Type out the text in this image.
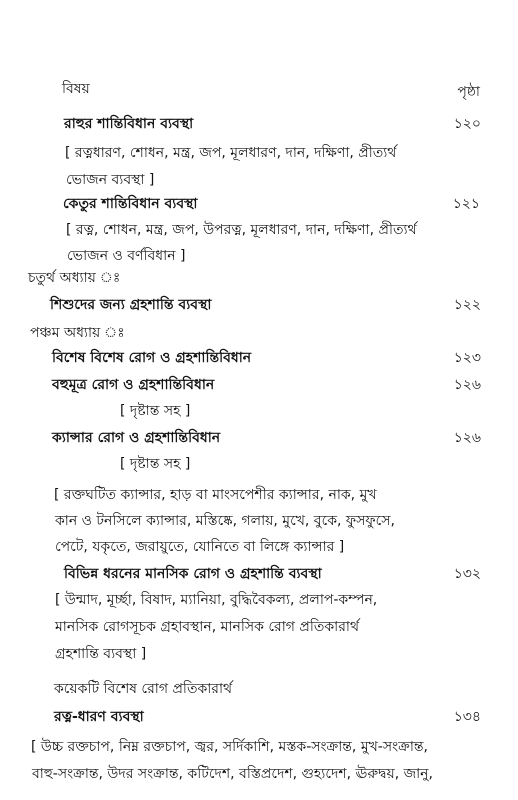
বিষয়	পৃষ্ঠা
রাহুর শান্তিবিধান ব্যবস্থা	১২০
[ রত্নধারণ, শোধন, মন্ত্র, জপ, মূলধারণ, দান, দক্ষিণা, প্রীত্যর্থ
ভোজন ব্যবস্থা ]
কেতুর শান্তিবিধান ব্যবস্থা	১২১
[ রত্ন, শোধন, মন্ত্র, জপ, উপরত্ন, মূলধারণ, দান, দক্ষিণা, প্রীত্যর্থ
ভোজন ও বর্ণবিধান ]
চতুর্থ অধ্যায় ঃ
শিশুদের জন্য গ্রহশান্তি ব্যবস্থা	১২২
পঞ্চম অধ্যায় ঃ
বিশেষ বিশেষ রোগ ও গ্রহশান্তিবিধান	১২৩
বহুমূত্র রোগ ও গ্রহশান্তিবিধান	১২৬
[ দৃষ্টান্ত সহ ]
ক্যান্সার রোগ ও গ্রহশান্তিবিধান	১২৬
[ দৃষ্টান্ত সহ ]
[ রক্তঘটিত ক্যান্সার, হাড় বা মাংসপেশীর ক্যান্সার, নাক, মুখ
কান ও টনসিলে ক্যান্সার, মস্তিষ্কে, গলায়, মুখে, বুকে, ফুসফুসে,
পেটে, যকৃতে, জরায়ুতে, যোনিতে বা লিঙ্গে ক্যান্সার ]
বিভিন্ন ধরনের মানসিক রোগ ও গ্রহশান্তি ব্যবস্থা	১৩২
[ উন্মাদ, মূর্চ্ছা, বিষাদ, ম্যানিয়া, বুদ্ধিবৈকল্য, প্রলাপ-কম্পন,
মানসিক রোগসূচক গ্রহাবস্থান, মানসিক রোগ প্রতিকারার্থ
গ্রহশান্তি ব্যবস্থা ]
কয়েকটি বিশেষ রোগ প্রতিকারার্থ
রত্ন-ধারণ ব্যবস্থা	১৩৪
[ উচ্চ রক্তচাপ, নিম্ন রক্তচাপ, জ্বর, সর্দিকাশি, মস্তক-সংক্রান্ত, মুখ-সংক্রান্ত,
বাহু-সংক্রান্ত, উদর সংক্রান্ত, কটিদেশ, বস্তিপ্রদেশ, গুহ্যদেশ, ঊরুদ্বয়, জানু,
